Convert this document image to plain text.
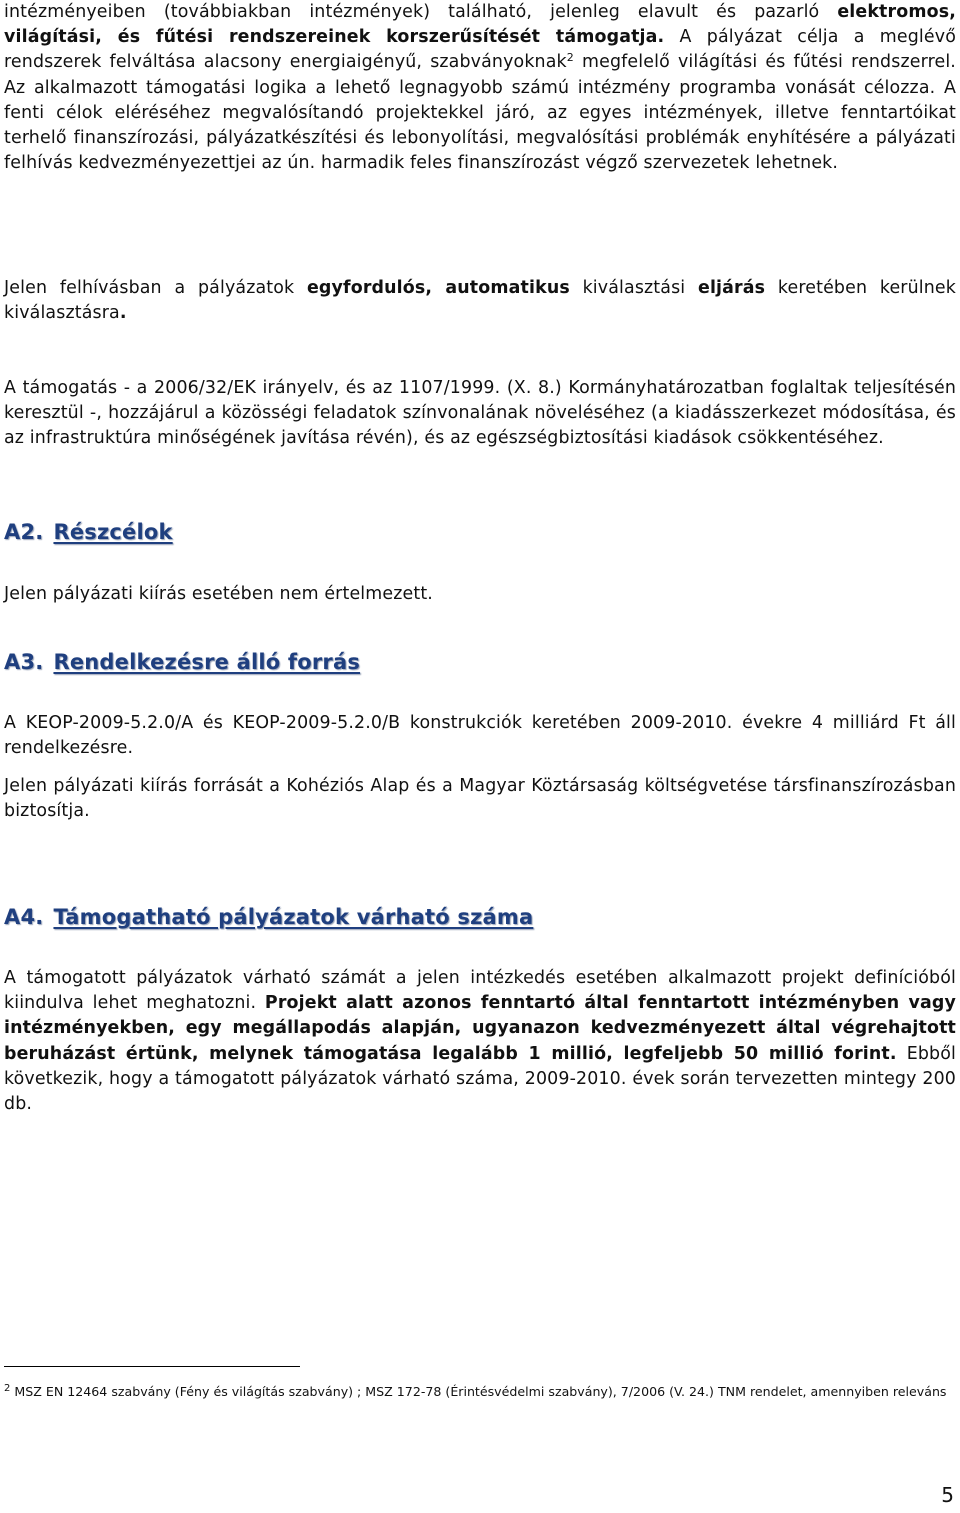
intézményeiben (továbbiakban intézmények) található, jelenleg elavult és pazarló elektromos, világítási, és fűtési rendszereinek korszerűsítését támogatja. A pályázat célja a meglévő rendszerek felváltása alacsony energiaigényű, szabványoknak$^2$ megfelelő világítási és fűtési rendszerrel. Az alkalmazott támogatási logika a lehető legnagyobb számú intézmény programba vonását célozza. A fenti célok eléréséhez megvalósítandó projektekkel járó, az egyes intézmények, illetve fenntartóikat terhelő finanszírozási, pályázatkészítési és lebonyolítási, megvalósítási problémák enyhítésére a pályázati felhívás kedvezményezettjei az ún. harmadik feles finanszírozást végző szervezetek lehetnek.

Jelen felhívásban a pályázatok egyfordulós, automatikus kiválasztási eljárás keretében kerülnek kiválasztásra.

A támogatás - a 2006/32/EK irányelv, és az 1107/1999. (X. 8.) Kormányhatározatban foglaltak teljesítésén keresztül -, hozzájárul a közösségi feladatok színvonalának növeléséhez (a kiadásszerkezet módosítása, és az infrastruktúra minőségének javítása révén), és az egészségbiztosítási kiadások csökkentéséhez.

A2. Részcélok

Jelen pályázati kiírás esetében nem értelmezett.

A3. Rendelkezésre álló forrás

A KEOP-2009-5.2.0/A és KEOP-2009-5.2.0/B konstrukciók keretében 2009-2010. évekre 4 milliárd Ft áll rendelkezésre.

Jelen pályázati kiírás forrását a Kohéziós Alap és a Magyar Köztársaság költségvetése társfinanszírozásban biztosítja.

A4. Támogatható pályázatok várható száma

A támogatott pályázatok várható számát a jelen intézkedés esetében alkalmazott projekt definícióból kiindulva lehet meghatozni. Projekt alatt azonos fenntartó által fenntartott intézményben vagy intézményekben, egy megállapodás alapján, ugyanazon kedvezményezett által végrehajtott beruházást értünk, melynek támogatása legalább 1 millió, legfeljebb 50 millió forint. Ebből következik, hogy a támogatott pályázatok várható száma, 2009-2010. évek során tervezetten mintegy 200 db.

$^2$ MSZ EN 12464 szabvány (Fény és világítás szabvány) ; MSZ 172-78 (Érintésvédelmi szabvány), 7/2006 (V. 24.) TNM rendelet, amennyiben releváns
5
